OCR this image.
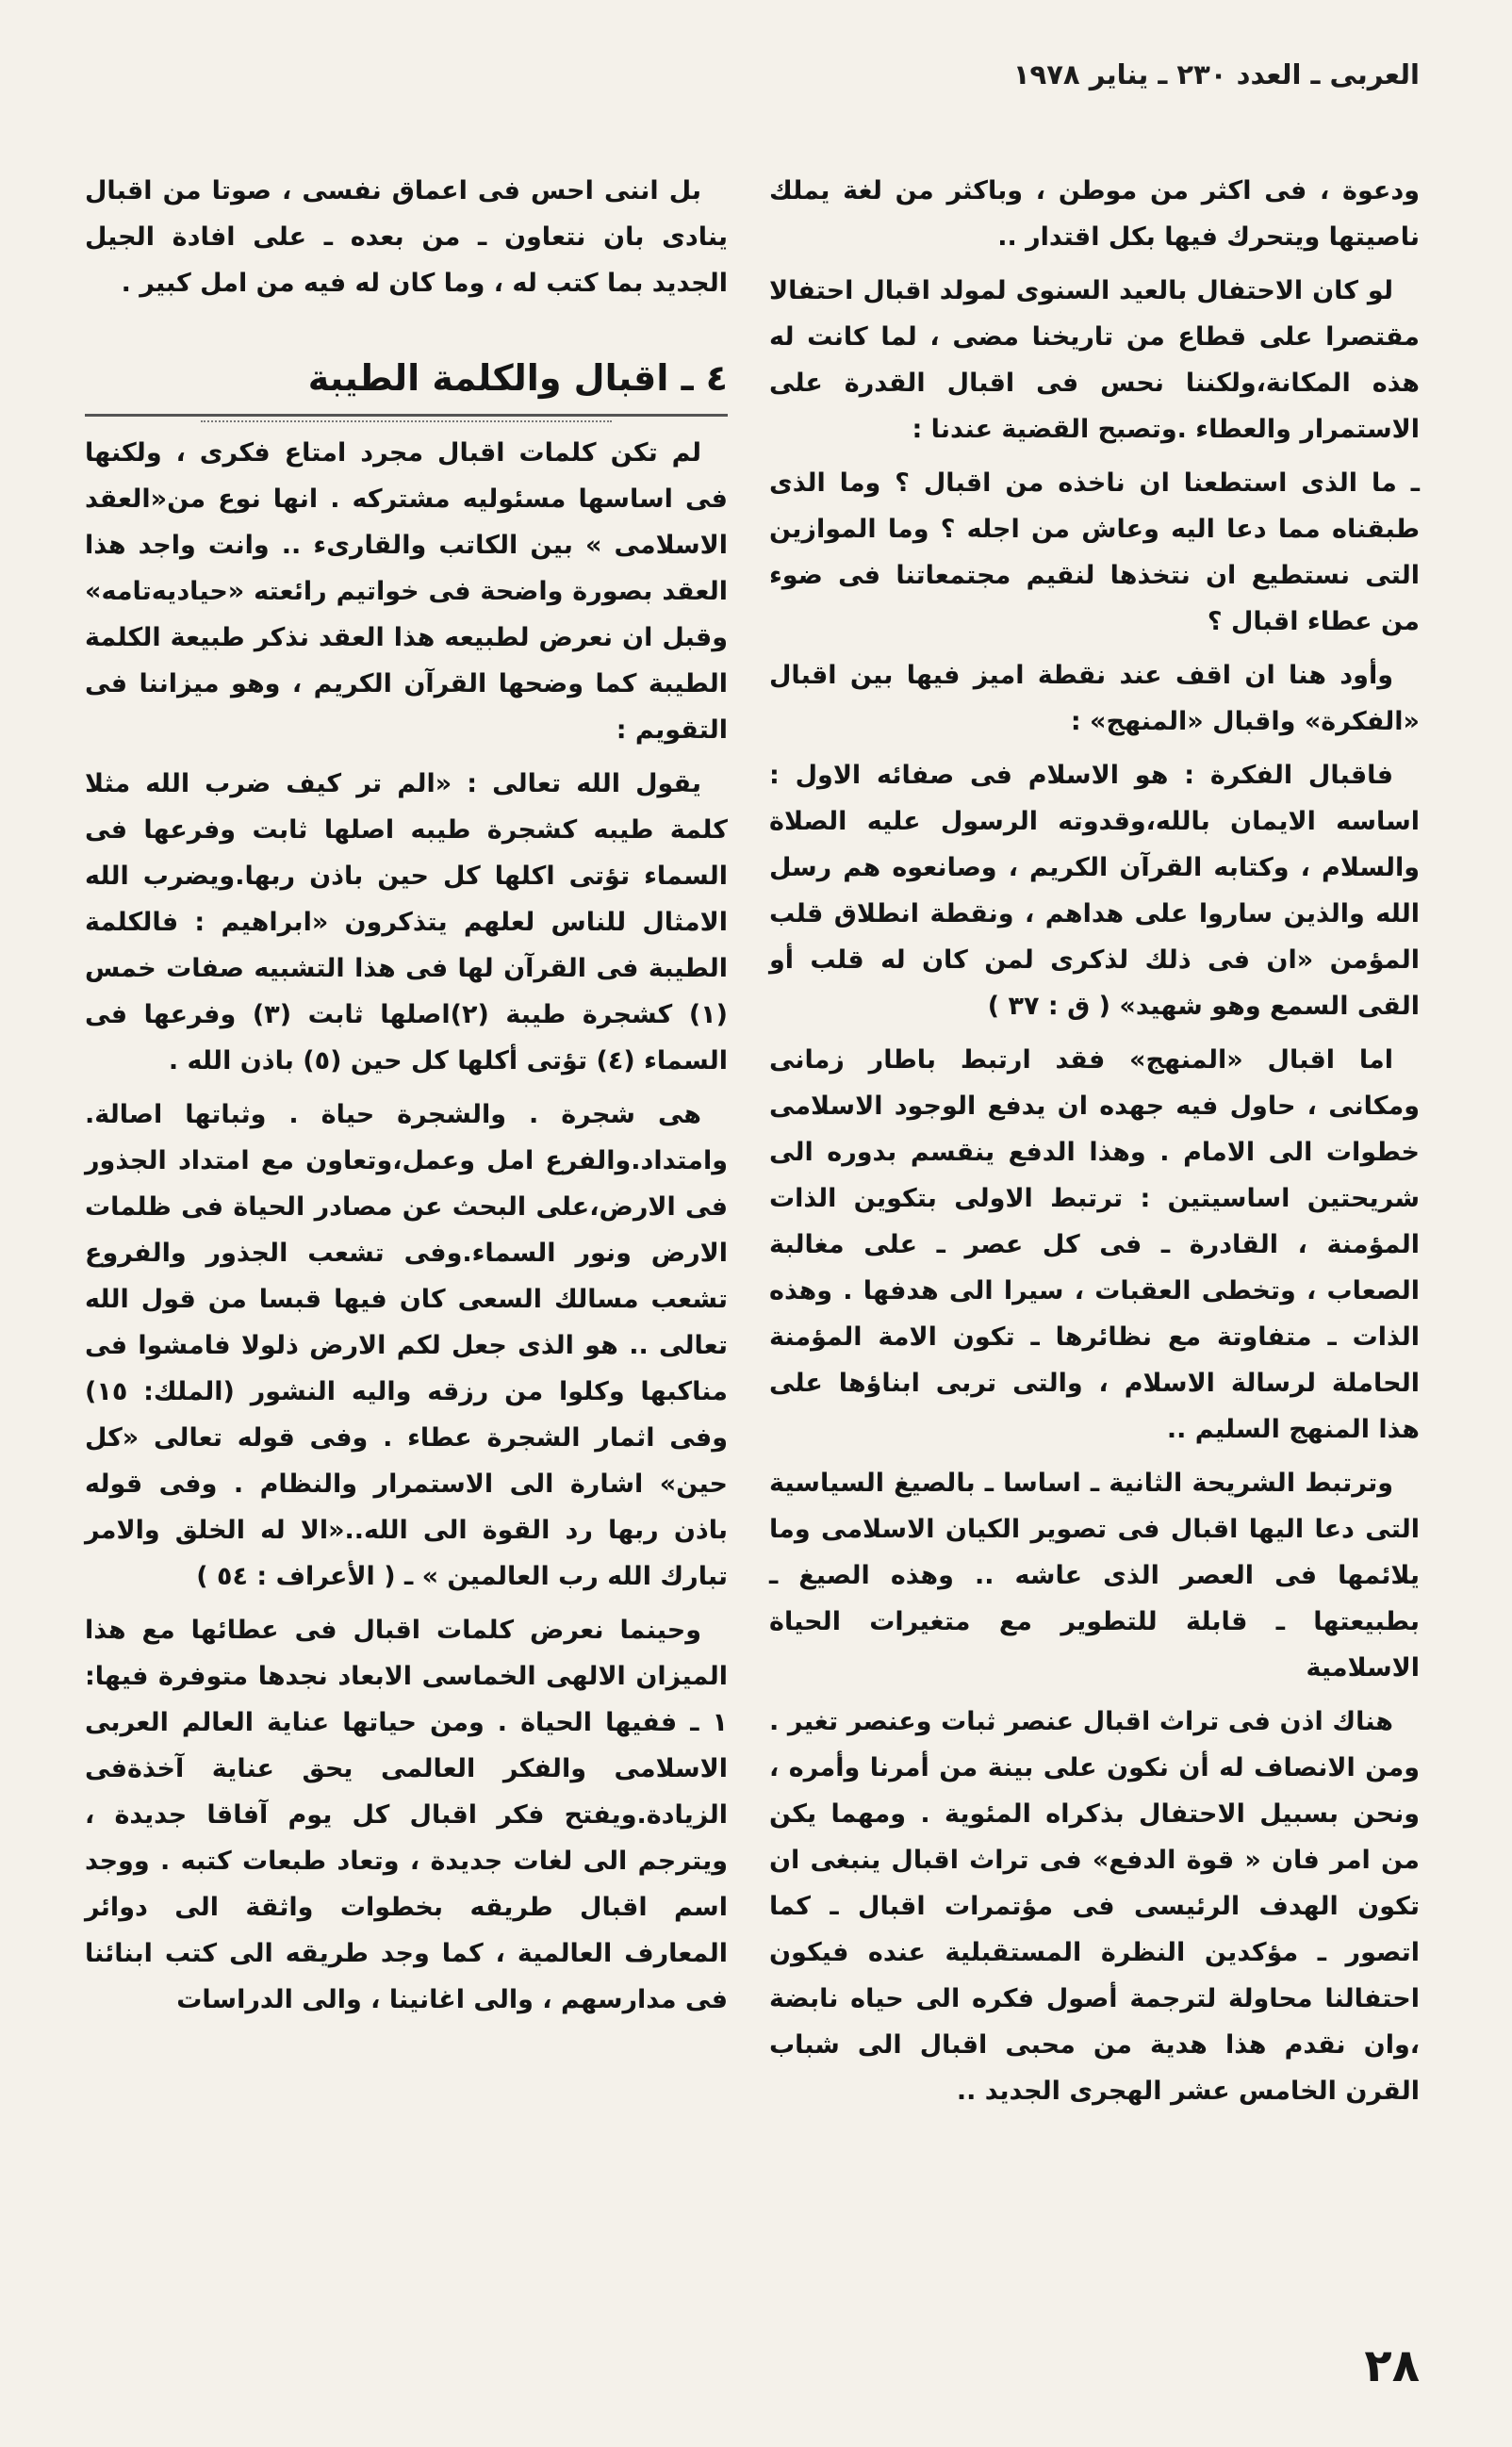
العربى ـ العدد ٢٣٠ ـ يناير ١٩٧٨

ودعوة ، فى اكثر من موطن ، وباكثر من لغة يملك ناصيتها ويتحرك فيها بكل اقتدار ..

لو كان الاحتفال بالعيد السنوى لمولد اقبال احتفالا مقتصرا على قطاع من تاريخنا مضى ، لما كانت له هذه المكانة،ولكننا نحس فى اقبال القدرة على الاستمرار والعطاء .وتصبح القضية عندنا :

ـ ما الذى استطعنا ان ناخذه من اقبال ؟ وما الذى طبقناه مما دعا اليه وعاش من اجله ؟ وما الموازين التى نستطيع ان نتخذها لنقيم مجتمعاتنا فى ضوء من عطاء اقبال ؟

وأود هنا ان اقف عند نقطة اميز فيها بين اقبال «الفكرة» واقبال «المنهج» :

فاقبال الفكرة : هو الاسلام فى صفائه الاول : اساسه الايمان بالله،وقدوته الرسول عليه الصلاة والسلام ، وكتابه القرآن الكريم ، وصانعوه هم رسل الله والذين ساروا على هداهم ، ونقطة انطلاق قلب المؤمن «ان فى ذلك لذكرى لمن كان له قلب أو القى السمع وهو شهيد» ( ق : ٣٧ )

اما اقبال «المنهج» فقد ارتبط باطار زمانى ومكانى ، حاول فيه جهده ان يدفع الوجود الاسلامى خطوات الى الامام . وهذا الدفع ينقسم بدوره الى شريحتين اساسيتين : ترتبط الاولى بتكوين الذات المؤمنة ، القادرة ـ فى كل عصر ـ على مغالبة الصعاب ، وتخطى العقبات ، سيرا الى هدفها . وهذه الذات ـ متفاوتة مع نظائرها ـ تكون الامة المؤمنة الحاملة لرسالة الاسلام ، والتى تربى ابناؤها على هذا المنهج السليم ..

وترتبط الشريحة الثانية ـ اساسا ـ بالصيغ السياسية التى دعا اليها اقبال فى تصوير الكيان الاسلامى وما يلائمها فى العصر الذى عاشه .. وهذه الصيغ ـ بطبيعتها ـ قابلة للتطوير مع متغيرات الحياة الاسلامية

هناك اذن فى تراث اقبال عنصر ثبات وعنصر تغير . ومن الانصاف له أن نكون على بينة من أمرنا وأمره ، ونحن بسبيل الاحتفال بذكراه المئوية . ومهما يكن من امر فان « قوة الدفع» فى تراث اقبال ينبغى ان تكون الهدف الرئيسى فى مؤتمرات اقبال ـ كما اتصور ـ مؤكدين النظرة المستقبلية عنده فيكون احتفالنا محاولة لترجمة أصول فكره الى حياه نابضة ،وان نقدم هذا هدية من محبى اقبال الى شباب القرن الخامس عشر الهجرى الجديد ..

بل اننى احس فى اعماق نفسى ، صوتا من اقبال ينادى بان نتعاون ـ من بعده ـ على افادة الجيل الجديد بما كتب له ، وما كان له فيه من امل كبير .

٤ ـ اقبال والكلمة الطيبة

لم تكن كلمات اقبال مجرد امتاع فكرى ، ولكنها فى اساسها مسئوليه مشتركه . انها نوع من«العقد الاسلامى » بين الكاتب والقارىء .. وانت واجد هذا العقد بصورة واضحة فى خواتيم رائعته «حياديه‌تامه» وقبل ان نعرض لطبيعه هذا العقد نذكر طبيعة الكلمة الطيبة كما وضحها القرآن الكريم ، وهو ميزاننا فى التقويم :

يقول الله تعالى : «الم تر كيف ضرب الله مثلا كلمة طيبه كشجرة طيبه اصلها ثابت وفرعها فى السماء تؤتى اكلها كل حين باذن ربها.ويضرب الله الامثال للناس لعلهم يتذكرون «ابراهيم : فالكلمة الطيبة فى القرآن لها فى هذا التشبيه صفات خمس (١) كشجرة طيبة (٢)اصلها ثابت (٣) وفرعها فى السماء (٤) تؤتى أكلها كل حين (٥) باذن الله .

هى شجرة . والشجرة حياة . وثباتها اصالة. وامتداد.والفرع امل وعمل،وتعاون مع امتداد الجذور فى الارض،على البحث عن مصادر الحياة فى ظلمات الارض ونور السماء.وفى تشعب الجذور والفروع تشعب مسالك السعى كان فيها قبسا من قول الله تعالى .. هو الذى جعل لكم الارض ذلولا فامشوا فى مناكبها وكلوا من رزقه واليه النشور (الملك: ١٥) وفى اثمار الشجرة عطاء . وفى قوله تعالى «كل حين» اشارة الى الاستمرار والنظام . وفى قوله باذن ربها رد القوة الى الله..«الا له الخلق والامر تبارك الله رب العالمين » ـ ( الأعراف : ٥٤ )

وحينما نعرض كلمات اقبال فى عطائها مع هذا الميزان الالهى الخماسى الابعاد نجدها متوفرة فيها: ١ ـ ففيها الحياة . ومن حياتها عناية العالم العربى الاسلامى والفكر العالمى يحق عناية آخذةفى الزيادة.ويفتح فكر اقبال كل يوم آفاقا جديدة ، ويترجم الى لغات جديدة ، وتعاد طبعات كتبه . ووجد اسم اقبال طريقه بخطوات واثقة الى دوائر المعارف العالمية ، كما وجد طريقه الى كتب ابنائنا فى مدارسهم ، والى اغانينا ، والى الدراسات

٢٨
